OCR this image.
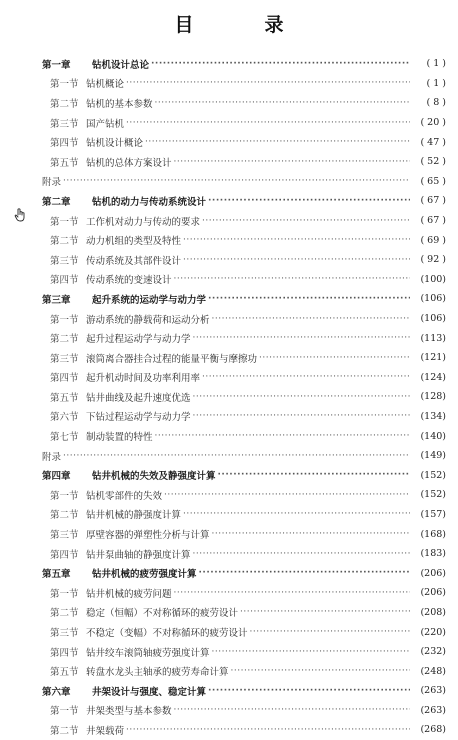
目　录
第一章	钻机设计总论 ·····	( 1 )
第一节 钻机概论 ·····	( 1 )
第二节 钻机的基本参数 ·····	( 8 )
第三节 国产钻机 ·····	( 20 )
第四节 钻机设计概论 ·····	( 47 )
第五节 钻机的总体方案设计 ·····	( 52 )
附录 ·····	( 65 )
第二章	钻机的动力与传动系统设计 ·····	( 67 )
第一节 工作机对动力与传动的要求 ·····	( 67 )
第二节 动力机组的类型及特性 ·····	( 69 )
第三节 传动系统及其部件设计 ·····	( 92 )
第四节 传动系统的变速设计 ·····	(100)
第三章	起升系统的运动学与动力学 ·····	(106)
第一节 游动系统的静载荷和运动分析 ·····	(106)
第二节 起升过程运动学与动力学 ·····	(113)
第三节 滚筒离合器挂合过程的能量平衡与摩擦功 ·····	(121)
第四节 起升机动时间及功率利用率 ·····	(124)
第五节 钻井曲线及起升速度优选 ·····	(128)
第六节 下钻过程运动学与动力学 ·····	(134)
第七节 制动装置的特性 ·····	(140)
附录 ·····	(149)
第四章	钻井机械的失效及静强度计算 ·····	(152)
第一节 钻机零部件的失效 ·····	(152)
第二节 钻井机械的静强度计算 ·····	(157)
第三节 厚壁容器的弹塑性分析与计算 ·····	(168)
第四节 钻井泵曲轴的静强度计算 ·····	(183)
第五章	钻井机械的疲劳强度计算 ·····	(206)
第一节 钻井机械的疲劳问题 ·····	(206)
第二节 稳定（恒幅）不对称循环的疲劳设计 ·····	(208)
第三节 不稳定（变幅）不对称循环的疲劳设计 ·····	(220)
第四节 钻井绞车滚筒轴疲劳强度计算 ·····	(232)
第五节 转盘水龙头主轴承的疲劳寿命计算 ·····	(248)
第六章	井架设计与强度、稳定计算 ·····	(263)
第一节 井架类型与基本参数 ·····	(263)
第二节 井架载荷 ·····	(268)
